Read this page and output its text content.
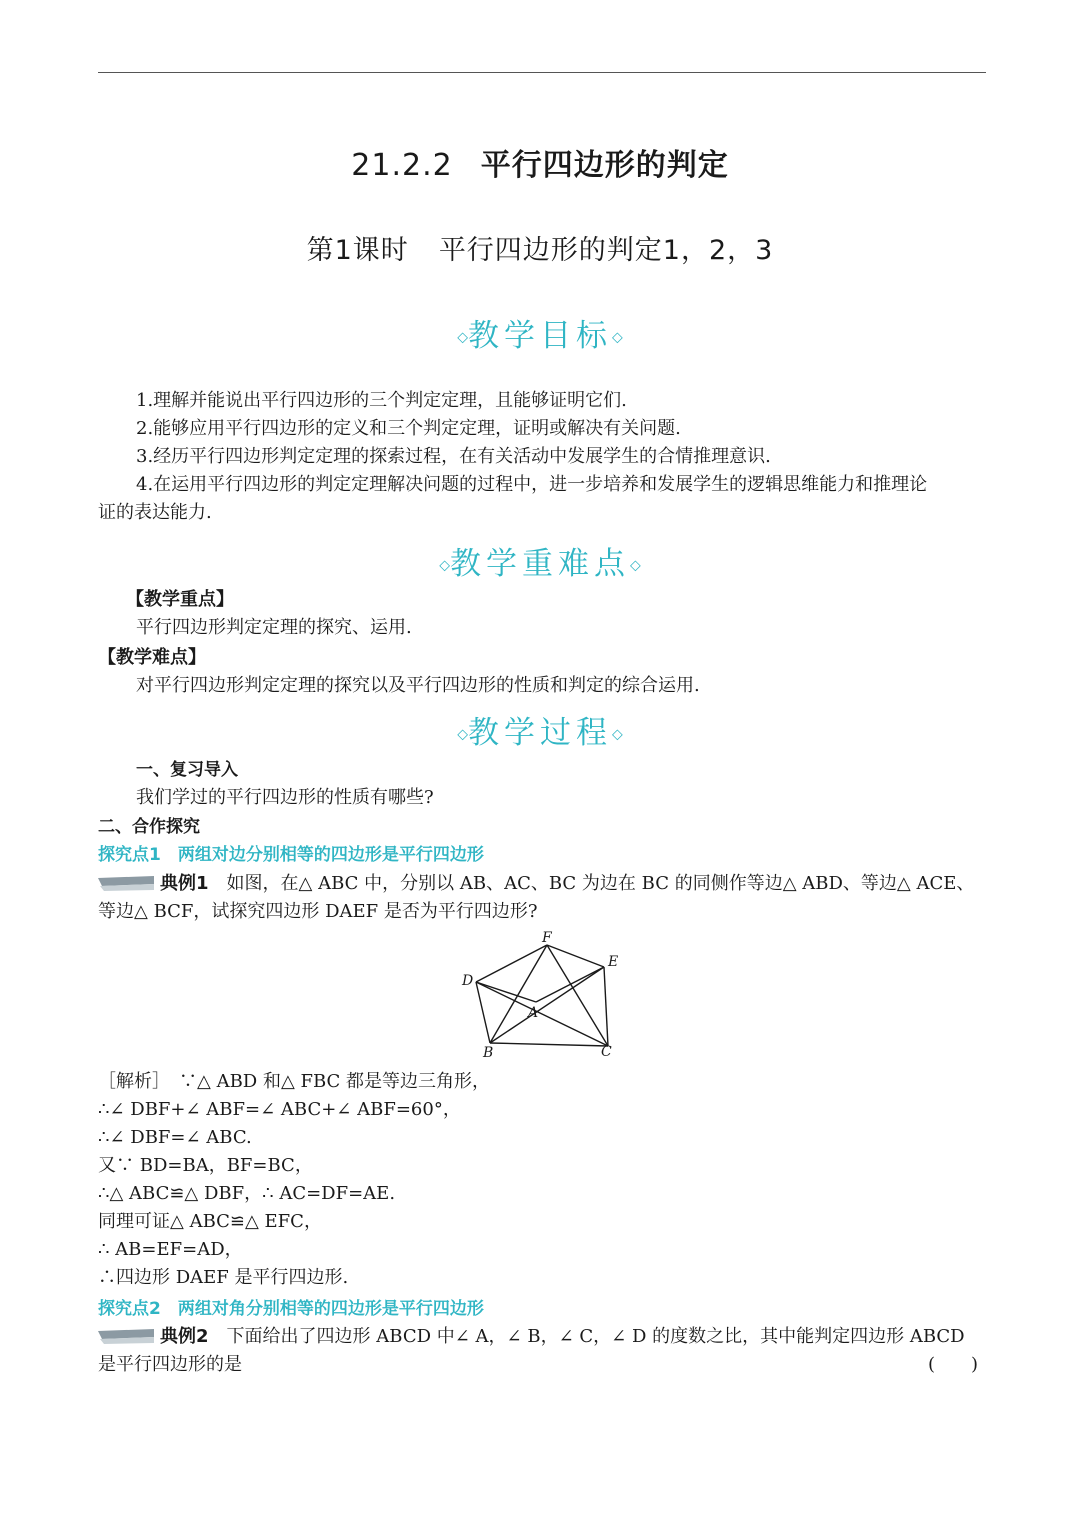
21.2.2 平行四边形的判定
第1课时 平行四边形的判定1，2，3
◇教学目标◇
1.理解并能说出平行四边形的三个判定定理，且能够证明它们.
2.能够应用平行四边形的定义和三个判定定理，证明或解决有关问题.
3.经历平行四边形判定定理的探索过程，在有关活动中发展学生的合情推理意识.
4.在运用平行四边形的判定定理解决问题的过程中，进一步培养和发展学生的逻辑思维能力和推理论
证的表达能力.
◇教学重难点◇
【教学重点】
平行四边形判定定理的探究、运用.
【教学难点】
对平行四边形判定定理的探究以及平行四边形的性质和判定的综合运用.
◇教学过程◇
一、复习导入
我们学过的平行四边形的性质有哪些?
二、合作探究
探究点1　两组对边分别相等的四边形是平行四边形
典例1　 如图，在△ ABC 中，分别以 AB、AC、BC 为边在 BC 的同侧作等边△ ABD、等边△ ACE、
等边△ BCF，试探究四边形 DAEF 是否为平行四边形?
F
E
D
A
B	C
［解析］　∵△ ABD 和△ FBC 都是等边三角形，
∴∠ DBF+∠ ABF=∠ ABC+∠ ABF=60°，
∴∠ DBF=∠ ABC.
又∵ BD=BA，BF=BC，
∴△ ABC≌△ DBF，∴ AC=DF=AE.
同理可证△ ABC≌△ EFC，
∴ AB=EF=AD，
∴四边形 DAEF 是平行四边形.
探究点2　两组对角分别相等的四边形是平行四边形
典例2　 下面给出了四边形 ABCD 中∠ A，∠ B，∠ C，∠ D 的度数之比，其中能判定四边形 ABCD
是平行四边形的是	(　　)
